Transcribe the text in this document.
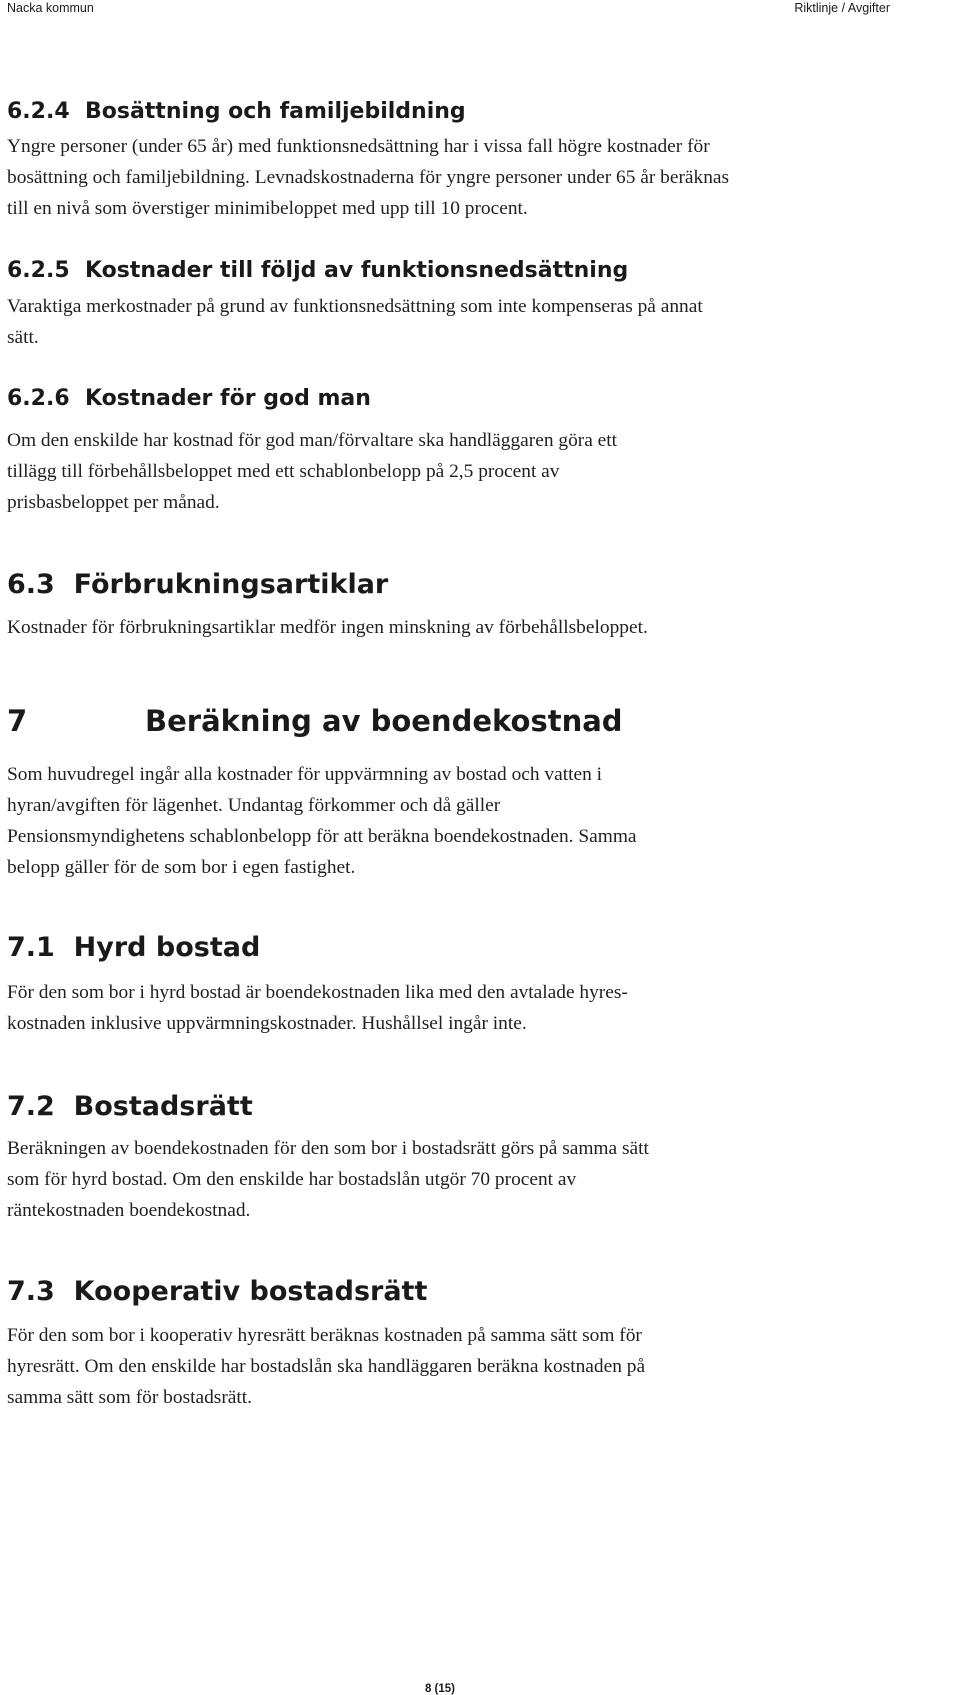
Nacka kommun	Riktlinje / Avgifter

6.2.4 Bosättning och familjebildning

Yngre personer (under 65 år) med funktionsnedsättning har i vissa fall högre kostnader för
bosättning och familjebildning. Levnadskostnaderna för yngre personer under 65 år beräknas
till en nivå som överstiger minimibeloppet med upp till 10 procent.

6.2.5 Kostnader till följd av funktionsnedsättning

Varaktiga merkostnader på grund av funktionsnedsättning som inte kompenseras på annat
sätt.

6.2.6 Kostnader för god man

Om den enskilde har kostnad för god man/förvaltare ska handläggaren göra ett
tillägg till förbehållsbeloppet med ett schablonbelopp på 2,5 procent av
prisbasbeloppet per månad.

6.3 Förbrukningsartiklar

Kostnader för förbrukningsartiklar medför ingen minskning av förbehållsbeloppet.

7	Beräkning av boendekostnad

Som huvudregel ingår alla kostnader för uppvärmning av bostad och vatten i
hyran/avgiften för lägenhet. Undantag förkommer och då gäller
Pensionsmyndighetens schablonbelopp för att beräkna boendekostnaden. Samma
belopp gäller för de som bor i egen fastighet.

7.1 Hyrd bostad

För den som bor i hyrd bostad är boendekostnaden lika med den avtalade hyres-
kostnaden inklusive uppvärmningskostnader. Hushållsel ingår inte.

7.2 Bostadsrätt

Beräkningen av boendekostnaden för den som bor i bostadsrätt görs på samma sätt
som för hyrd bostad. Om den enskilde har bostadslån utgör 70 procent av
räntekostnaden boendekostnad.

7.3 Kooperativ bostadsrätt

För den som bor i kooperativ hyresrätt beräknas kostnaden på samma sätt som för
hyresrätt. Om den enskilde har bostadslån ska handläggaren beräkna kostnaden på
samma sätt som för bostadsrätt.

8 (15)
